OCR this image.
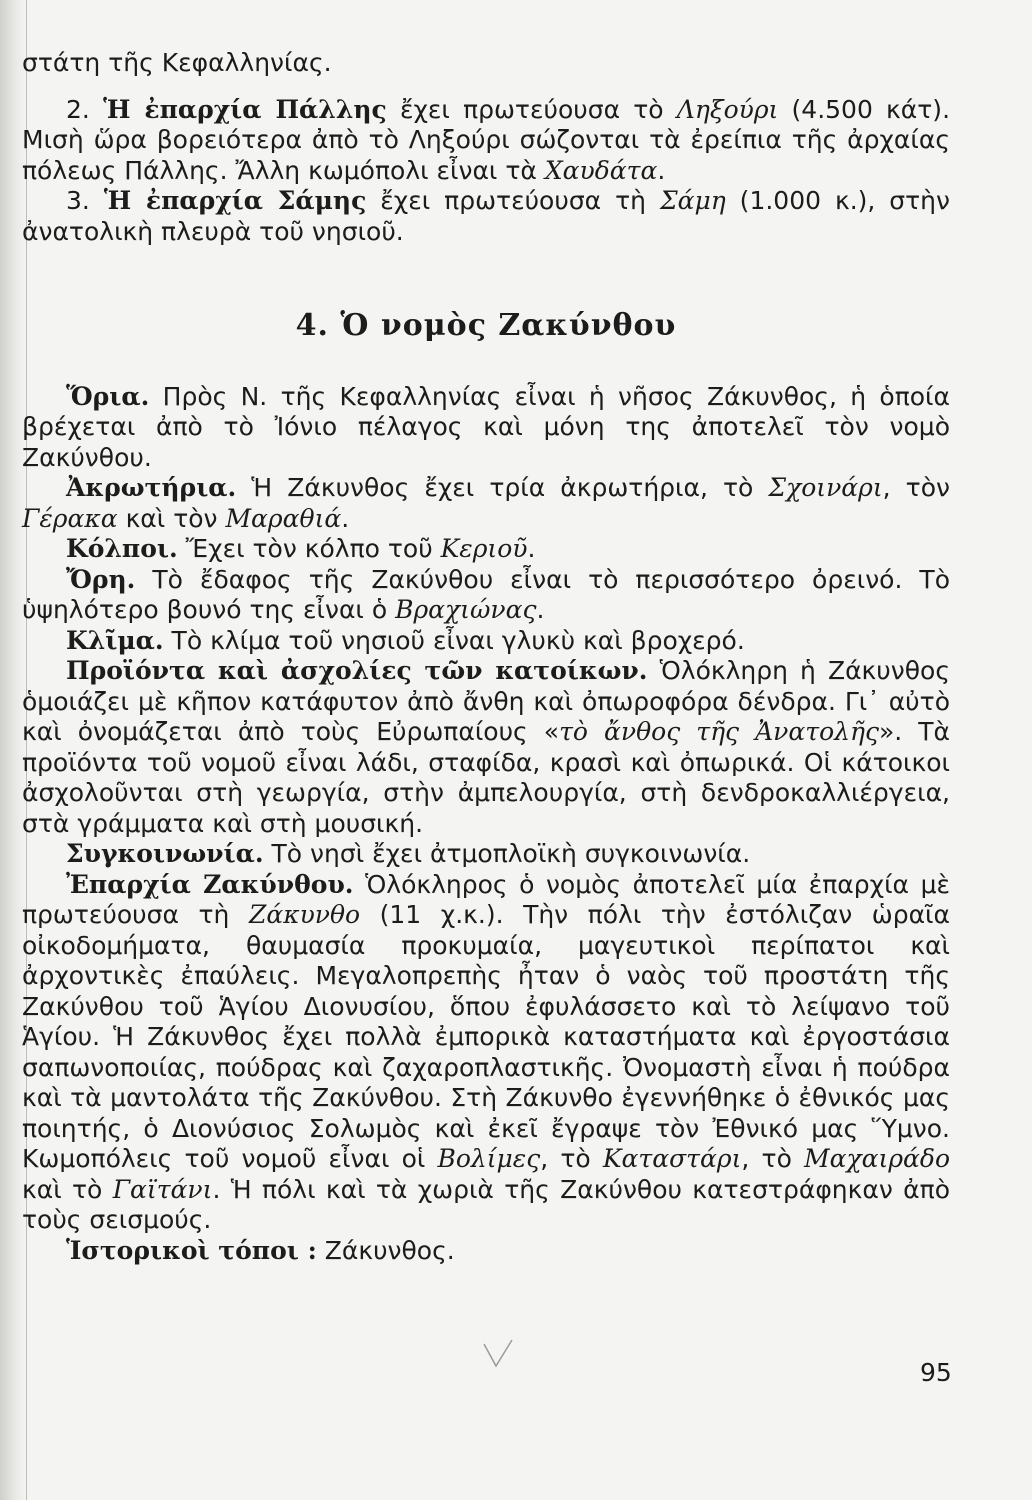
στάτη τῆς Κεφαλληνίας.

2. Ἡ ἐπαρχία Πάλλης ἔχει πρωτεύουσα τὸ Ληξούρι (4.500 κάτ). Μισὴ ὥρα βορειότερα ἀπὸ τὸ Ληξούρι σώζονται τὰ ἐρείπια τῆς ἀρχαίας πόλεως Πάλλης. Ἄλλη κωμόπολι εἶναι τὰ Χαυδάτα.

3. Ἡ ἐπαρχία Σάμης ἔχει πρωτεύουσα τὴ Σάμη (1.000 κ.), στὴν ἀνατολικὴ πλευρὰ τοῦ νησιοῦ.

4. Ὁ νομὸς Ζακύνθου

Ὅρια. Πρὸς Ν. τῆς Κεφαλληνίας εἶναι ἡ νῆσος Ζάκυνθος, ἡ ὁποία βρέχεται ἀπὸ τὸ Ἰόνιο πέλαγος καὶ μόνη της ἀποτελεῖ τὸν νομὸ Ζακύνθου.

Ἀκρωτήρια. Ἡ Ζάκυνθος ἔχει τρία ἀκρωτήρια, τὸ Σχοινάρι, τὸν Γέρακα καὶ τὸν Μαραθιά.

Κόλποι. Ἔχει τὸν κόλπο τοῦ Κεριοῦ.

Ὄρη. Τὸ ἔδαφος τῆς Ζακύνθου εἶναι τὸ περισσότερο ὀρεινό. Τὸ ὑψηλότερο βουνό της εἶναι ὁ Βραχιώνας.

Κλῖμα. Τὸ κλίμα τοῦ νησιοῦ εἶναι γλυκὺ καὶ βροχερό.

Προϊόντα καὶ ἀσχολίες τῶν κατοίκων. Ὁλόκληρη ἡ Ζάκυνθος ὁμοιάζει μὲ κῆπον κατάφυτον ἀπὸ ἄνθη καὶ ὀπωροφόρα δένδρα. Γι᾽ αὐτὸ καὶ ὀνομάζεται ἀπὸ τοὺς Εὐρωπαίους «τὸ ἄνθος τῆς Ἀνατολῆς». Τὰ προϊόντα τοῦ νομοῦ εἶναι λάδι, σταφίδα, κρασὶ καὶ ὀπωρικά. Οἱ κάτοικοι ἀσχολοῦνται στὴ γεωργία, στὴν ἀμπελουργία, στὴ δενδροκαλλιέργεια, στὰ γράμματα καὶ στὴ μουσική.

Συγκοινωνία. Τὸ νησὶ ἔχει ἀτμοπλοϊκὴ συγκοινωνία.

Ἐπαρχία Ζακύνθου. Ὁλόκληρος ὁ νομὸς ἀποτελεῖ μία ἐπαρχία μὲ πρωτεύουσα τὴ Ζάκυνθο (11 χ.κ.). Τὴν πόλι τὴν ἐστόλιζαν ὡραῖα οἰκοδομήματα, θαυμασία προκυμαία, μαγευτικοὶ περίπατοι καὶ ἀρχοντικὲς ἐπαύλεις. Μεγαλοπρεπὴς ἦταν ὁ ναὸς τοῦ προστάτη τῆς Ζακύνθου τοῦ Ἁγίου Διονυσίου, ὅπου ἐφυλάσσετο καὶ τὸ λείψανο τοῦ Ἁγίου. Ἡ Ζάκυνθος ἔχει πολλὰ ἐμπορικὰ καταστήματα καὶ ἐργοστάσια σαπωνοποιίας, πούδρας καὶ ζαχαροπλαστικῆς. Ὀνομαστὴ εἶναι ἡ πούδρα καὶ τὰ μαντολάτα τῆς Ζακύνθου. Στὴ Ζάκυνθο ἐγεννήθηκε ὁ ἐθνικός μας ποιητής, ὁ Διονύσιος Σολωμὸς καὶ ἐκεῖ ἔγραψε τὸν Ἐθνικό μας Ὕμνο. Κωμοπόλεις τοῦ νομοῦ εἶναι οἱ Βολίμες, τὸ Καταστάρι, τὸ Μαχαιράδο καὶ τὸ Γαϊτάνι. Ἡ πόλι καὶ τὰ χωριὰ τῆς Ζακύνθου κατεστράφηκαν ἀπὸ τοὺς σεισμούς.

Ἱστορικοὶ τόποι : Ζάκυνθος.

95
